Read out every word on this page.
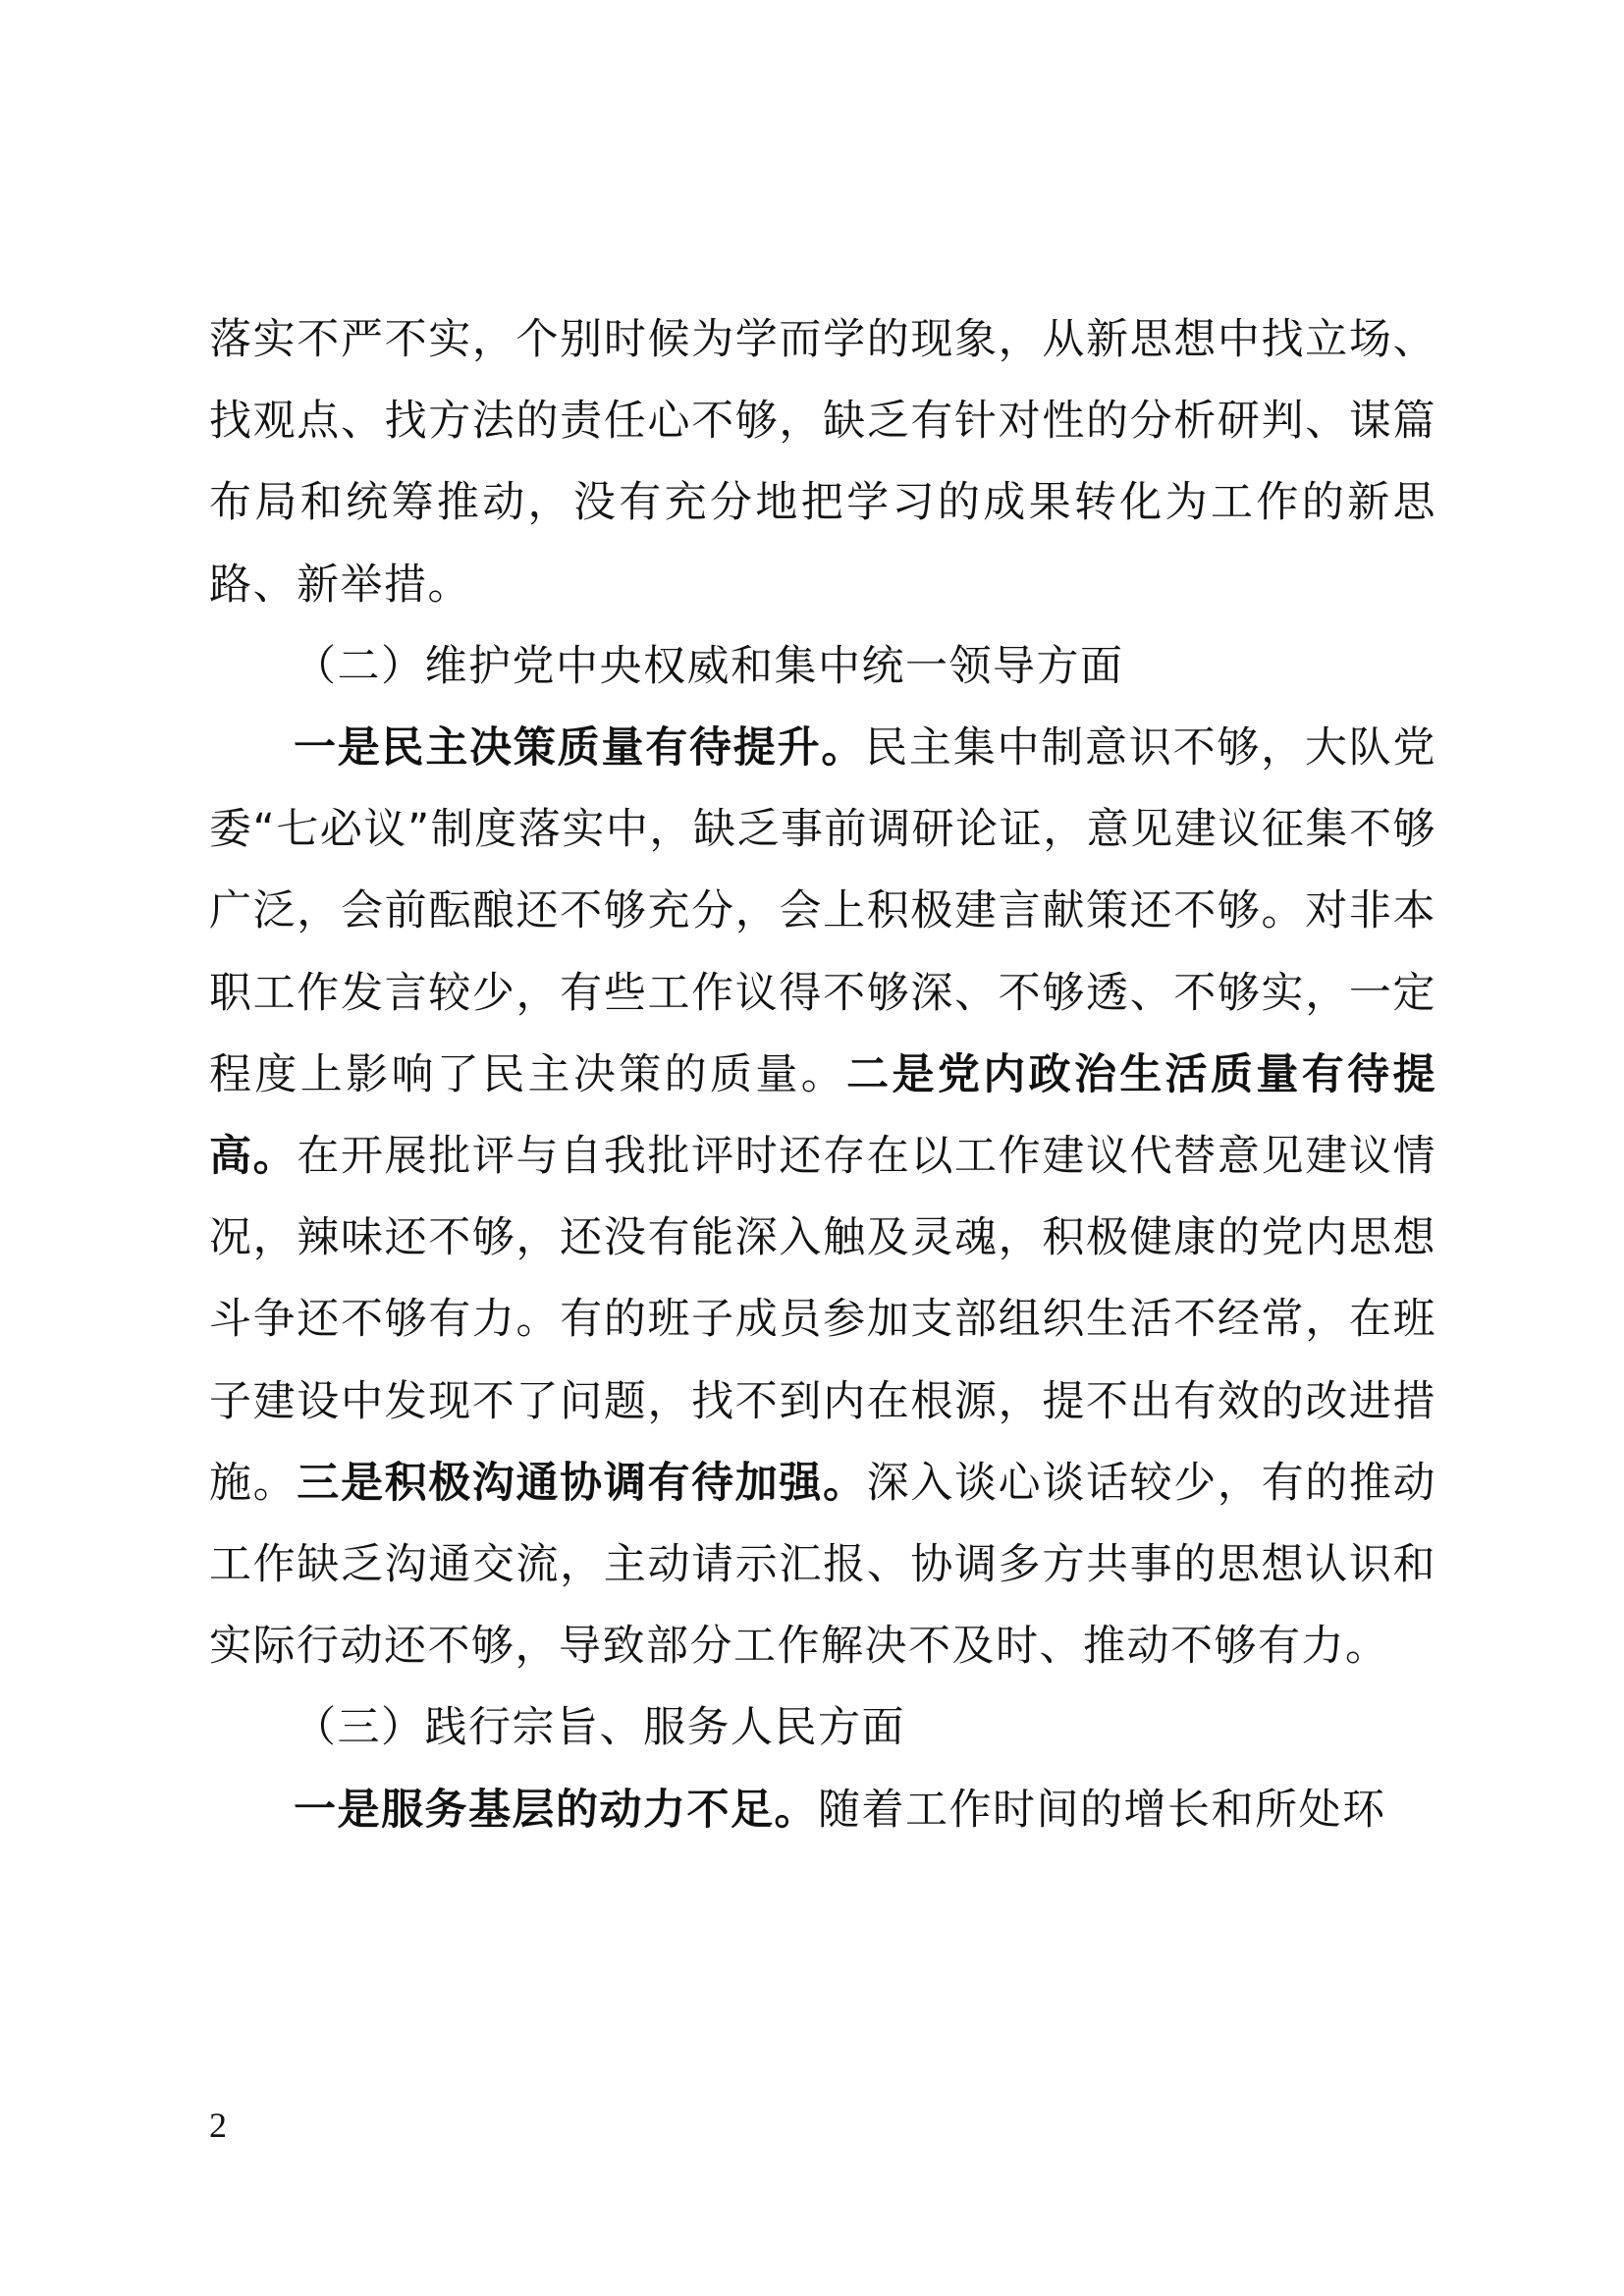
落实不严不实，个别时候为学而学的现象，从新思想中找立场、找观点、找方法的责任心不够，缺乏有针对性的分析研判、谋篇布局和统筹推动，没有充分地把学习的成果转化为工作的新思路、新举措。

（二）维护党中央权威和集中统一领导方面

一是民主决策质量有待提升。民主集中制意识不够，大队党委“七必议”制度落实中，缺乏事前调研论证，意见建议征集不够广泛，会前酝酿还不够充分，会上积极建言献策还不够。对非本职工作发言较少，有些工作议得不够深、不够透、不够实，一定程度上影响了民主决策的质量。二是党内政治生活质量有待提高。在开展批评与自我批评时还存在以工作建议代替意见建议情况，辣味还不够，还没有能深入触及灵魂，积极健康的党内思想斗争还不够有力。有的班子成员参加支部组织生活不经常，在班子建设中发现不了问题，找不到内在根源，提不出有效的改进措施。三是积极沟通协调有待加强。深入谈心谈话较少，有的推动工作缺乏沟通交流，主动请示汇报、协调多方共事的思想认识和实际行动还不够，导致部分工作解决不及时、推动不够有力。

（三）践行宗旨、服务人民方面

一是服务基层的动力不足。随着工作时间的增长和所处环

2
